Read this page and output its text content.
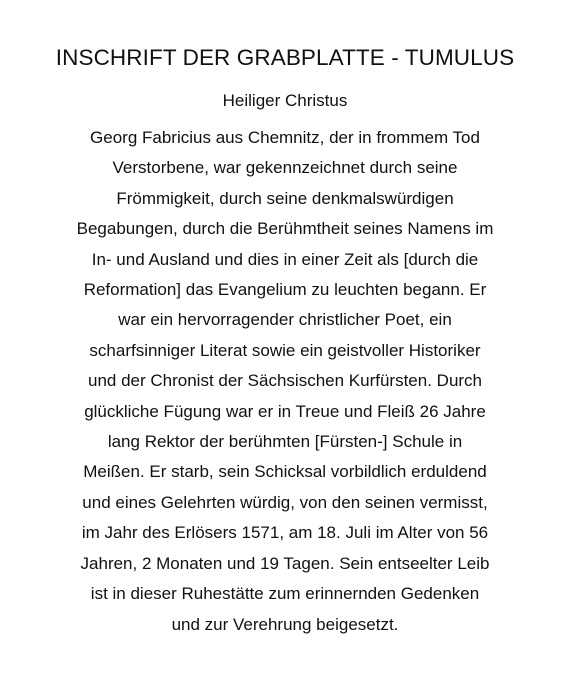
INSCHRIFT DER GRABPLATTE - TUMULUS
Heiliger Christus
Georg Fabricius aus Chemnitz, der in frommem Tod
Verstorbene, war gekennzeichnet durch seine
Frömmigkeit, durch seine denkmalswürdigen
Begabungen, durch die Berühmtheit seines Namens im
In- und Ausland und dies in einer Zeit als [durch die
Reformation] das Evangelium zu leuchten begann. Er
war ein hervorragender christlicher Poet, ein
scharfsinniger Literat sowie ein geistvoller Historiker
und der Chronist der Sächsischen Kurfürsten. Durch
glückliche Fügung war er in Treue und Fleiß 26 Jahre
lang Rektor der berühmten [Fürsten-] Schule in
Meißen. Er starb, sein Schicksal vorbildlich erduldend
und eines Gelehrten würdig, von den seinen vermisst,
im Jahr des Erlösers 1571, am 18. Juli im Alter von 56
Jahren, 2 Monaten und 19 Tagen. Sein entseelter Leib
ist in dieser Ruhestätte zum erinnernden Gedenken
und zur Verehrung beigesetzt.
